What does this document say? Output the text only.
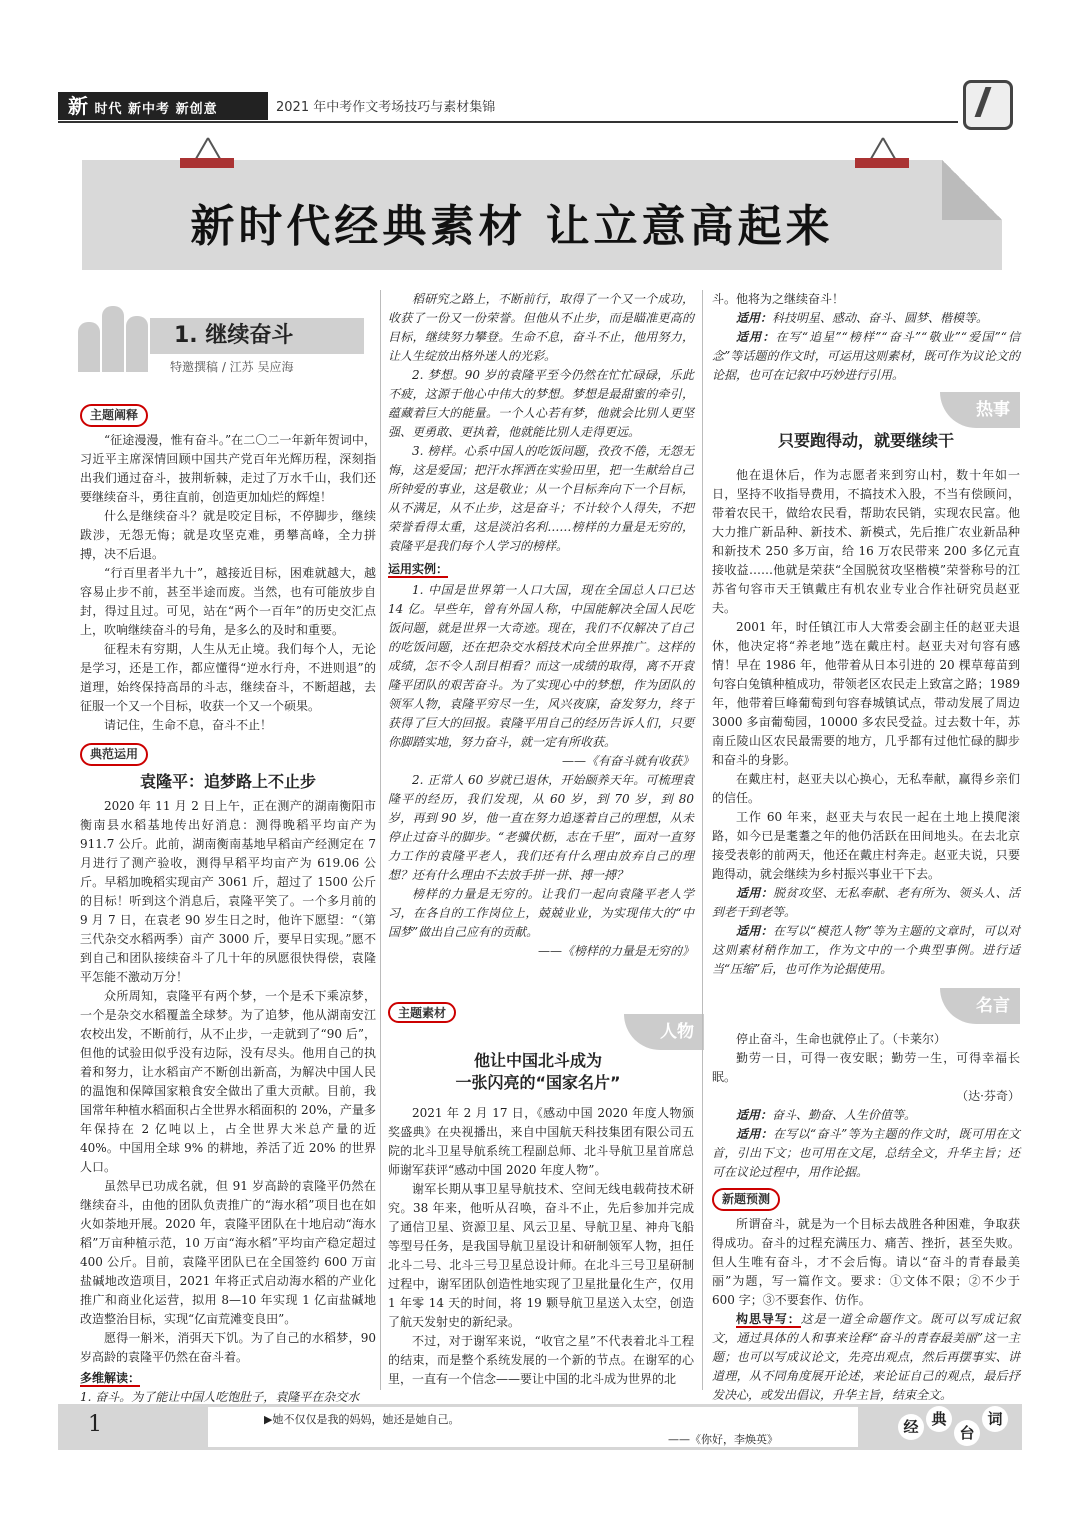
新 时代 新中考 新创意	2021 年中考作文考场技巧与素材集锦
新时代经典素材 让立意高起来
1. 继续奋斗
特邀撰稿 / 江苏 吴应海
主题阐释

“征途漫漫，惟有奋斗。”在二〇二一年新年贺词中，习近平主席深情回顾中国共产党百年光辉历程，深刻指出我们通过奋斗，披荆斩棘，走过了万水千山，我们还要继续奋斗，勇往直前，创造更加灿烂的辉煌！

什么是继续奋斗？就是咬定目标，不停脚步，继续跋涉，无怨无悔；就是攻坚克难，勇攀高峰，全力拼搏，决不后退。

“行百里者半九十”，越接近目标，困难就越大，越容易止步不前，甚至半途而废。当然，也有可能放步自封，得过且过。可见，站在“两个一百年”的历史交汇点上，吹响继续奋斗的号角，是多么的及时和重要。

征程未有穷期，人生从无止境。我们每个人，无论是学习，还是工作，都应懂得“逆水行舟，不进则退”的道理，始终保持高昂的斗志，继续奋斗，不断超越，去征服一个又一个目标，收获一个又一个硕果。

请记住，生命不息，奋斗不止！

典范运用
袁隆平：追梦路上不止步

2020 年 11 月 2 日上午，正在测产的湖南衡阳市衡南县水稻基地传出好消息：测得晚稻平均亩产为 911.7 公斤。此前，湖南衡南基地早稻亩产经测定在 7 月进行了测产验收，测得早稻平均亩产为 619.06 公斤。早稻加晚稻实现亩产 3061 斤，超过了 1500 公斤的目标！听到这个消息后，袁隆平笑了。一个多月前的 9 月 7 日，在袁老 90 岁生日之时，他许下愿望：“（第三代杂交水稻两季）亩产 3000 斤，要早日实现。”愿不到自己和团队接续奋斗了几十年的夙愿很快得偿，袁隆平怎能不激动万分！

众所周知，袁隆平有两个梦，一个是禾下乘凉梦，一个是杂交水稻覆盖全球梦。为了追梦，他从湖南安江农校出发，不断前行，从不止步，一走就到了“90 后”，但他的试验田似乎没有边际，没有尽头。他用自己的执着和努力，让水稻亩产不断创出新高，为解决中国人民的温饱和保障国家粮食安全做出了重大贡献。目前，我国常年种植水稻面积占全世界水稻面积的 20%，产量多年保持在 2 亿吨以上，占全世界大米总产量的近 40%。中国用全球 9% 的耕地，养活了近 20% 的世界人口。

虽然早已功成名就，但 91 岁高龄的袁隆平仍然在继续奋斗，由他的团队负责推广的“海水稻”项目也在如火如荼地开展。2020 年，袁隆平团队在十地启动“海水稻”万亩种植示范，10 万亩“海水稻”平均亩产稳定超过 400 公斤。目前，袁隆平团队已在全国签约 600 万亩盐碱地改造项目，2021 年将正式启动海水稻的产业化推广和商业化运营，拟用 8—10 年实现 1 亿亩盐碱地改造整治目标，实现“亿亩荒滩变良田”。

愿得一斛米，消弭天下饥。为了自己的水稻梦，90 岁高龄的袁隆平仍然在奋斗着。

多维解读：
1. 奋斗。为了能让中国人吃饱肚子，袁隆平在杂交水

稻研究之路上，不断前行，取得了一个又一个成功，收获了一份又一份荣誉。但他从不止步，而是瞄准更高的目标，继续努力攀登。生命不息，奋斗不止，他用努力，让人生绽放出格外迷人的光彩。

2. 梦想。90 岁的袁隆平至今仍然在忙忙碌碌，乐此不疲，这源于他心中伟大的梦想。梦想是最甜蜜的牵引，蕴藏着巨大的能量。一个人心若有梦，他就会比别人更坚强、更勇敢、更执着，他就能比别人走得更远。

3. 榜样。心系中国人的吃饭问题，孜孜不倦，无怨无悔，这是爱国；把汗水挥洒在实验田里，把一生献给自己所钟爱的事业，这是敬业；从一个目标奔向下一个目标，从不满足，从不止步，这是奋斗；不计较个人得失，不把荣誉看得太重，这是淡泊名利……榜样的力量是无穷的，袁隆平是我们每个人学习的榜样。

运用实例：

1. 中国是世界第一人口大国，现在全国总人口已达 14 亿。早些年，曾有外国人称，中国能解决全国人民吃饭问题，就是世界一大奇迹。现在，我们不仅解决了自己的吃饭问题，还在把杂交水稻技术向全世界推广。这样的成绩，怎不令人刮目相看？而这一成绩的取得，离不开袁隆平团队的艰苦奋斗。为了实现心中的梦想，作为团队的领军人物，袁隆平穷尽一生，风兴夜寐，奋发努力，终于获得了巨大的回报。袁隆平用自己的经历告诉人们，只要你脚踏实地，努力奋斗，就一定有所收获。

——《有奋斗就有收获》

2. 正常人 60 岁就已退休，开始颐养天年。可梳理袁隆平的经历，我们发现，从 60 岁，到 70 岁，到 80 岁，再到 90 岁，他一直在努力追逐着自己的理想，从未停止过奋斗的脚步。“老骥伏枥，志在千里”，面对一直努力工作的袁隆平老人，我们还有什么理由放弃自己的理想？还有什么理由不去放手拼一拼、搏一搏？

榜样的力量是无穷的。让我们一起向袁隆平老人学习，在各自的工作岗位上，兢兢业业，为实现伟大的“中国梦”做出自己应有的贡献。

——《榜样的力量是无穷的》
主题素材
人物
他让中国北斗成为
一张闪亮的“国家名片”

2021 年 2 月 17 日，《感动中国 2020 年度人物颁奖盛典》在央视播出，来自中国航天科技集团有限公司五院的北斗卫星导航系统工程副总师、北斗导航卫星首席总师谢军获评“感动中国 2020 年度人物”。

谢军长期从事卫星导航技术、空间无线电载荷技术研究。38 年来，他听从召唤，奋斗不止，先后参加并完成了通信卫星、资源卫星、风云卫星、导航卫星、神舟飞船等型号任务，是我国导航卫星设计和研制领军人物，担任北斗二号、北斗三号卫星总设计师。在北斗三号卫星研制过程中，谢军团队创造性地实现了卫星批量化生产，仅用 1 年零 14 天的时间，将 19 颗导航卫星送入太空，创造了航天发射史的新纪录。

不过，对于谢军来说，“收官之星”不代表着北斗工程的结束，而是整个系统发展的一个新的节点。在谢军的心里，一直有一个信念——要让中国的北斗成为世界的北

斗。他将为之继续奋斗！

适用：科技明星、感动、奋斗、圆梦、楷模等。

适用：在写“追星”“榜样”“奋斗”“敬业”“爱国”“信念”等话题的作文时，可运用这则素材，既可作为议论文的论据，也可在记叙中巧妙进行引用。

热事
只要跑得动，就要继续干

他在退休后，作为志愿者来到穷山村，数十年如一日，坚持不收指导费用，不搞技术入股，不当有偿顾问，带着农民干，做给农民看，帮助农民销，实现农民富。他大力推广新品种、新技术、新模式，先后推广农业新品种和新技术 250 多万亩，给 16 万农民带来 200 多亿元直接收益……他就是荣获“全国脱贫攻坚楷模”荣誉称号的江苏省句容市天王镇戴庄有机农业专业合作社研究员赵亚夫。

2001 年，时任镇江市人大常委会副主任的赵亚夫退休，他决定将“养老地”选在戴庄村。赵亚夫对句容有感情！早在 1986 年，他带着从日本引进的 20 棵草莓苗到句容白兔镇种植成功，带领老区农民走上致富之路；1989 年，他带着巨峰葡萄到句容春城镇试点，带动发展了周边 3000 多亩葡萄园，10000 多农民受益。过去数十年，苏南丘陵山区农民最需要的地方，几乎都有过他忙碌的脚步和奋斗的身影。

在戴庄村，赵亚夫以心换心，无私奉献，赢得乡亲们的信任。

工作 60 年来，赵亚夫与农民一起在土地上摸爬滚路，如今已是耄耋之年的他仍活跃在田间地头。在去北京接受表彰的前两天，他还在戴庄村奔走。赵亚夫说，只要跑得动，就会继续为乡村振兴事业干下去。

适用：脱贫攻坚、无私奉献、老有所为、领头人、活到老干到老等。

适用：在写以“模范人物”等为主题的文章时，可以对这则素材稍作加工，作为文中的一个典型事例。进行适当“压缩”后，也可作为论据使用。

名言

停止奋斗，生命也就停止了。（卡莱尔）

勤劳一日，可得一夜安眠；勤劳一生，可得幸福长眠。

（达·芬奇）

适用：奋斗、勤奋、人生价值等。

适用：在写以“奋斗”等为主题的作文时，既可用在文首，引出下文；也可用在文尾，总结全文，升华主旨；还可在议论过程中，用作论据。

新题预测

所谓奋斗，就是为一个目标去战胜各种困难，争取获得成功。奋斗的过程充满压力、痛苦、挫折，甚至失败。但人生唯有奋斗，才不会后悔。请以“奋斗的青春最美丽”为题，写一篇作文。要求：①文体不限；②不少于 600 字；③不要套作、仿作。

构思导写：这是一道全命题作文。既可以写成记叙文，通过具体的人和事来诠释“奋斗的青春最美丽”这一主题；也可以写成议论文，先亮出观点，然后再摆事实、讲道理，从不同角度展开论述，来论证自己的观点，最后抒发决心，或发出倡议，升华主旨，结束全文。

1	▶她不仅仅是我的妈妈，她还是她自己。
——《你好，李焕英》
经 典
台
词
